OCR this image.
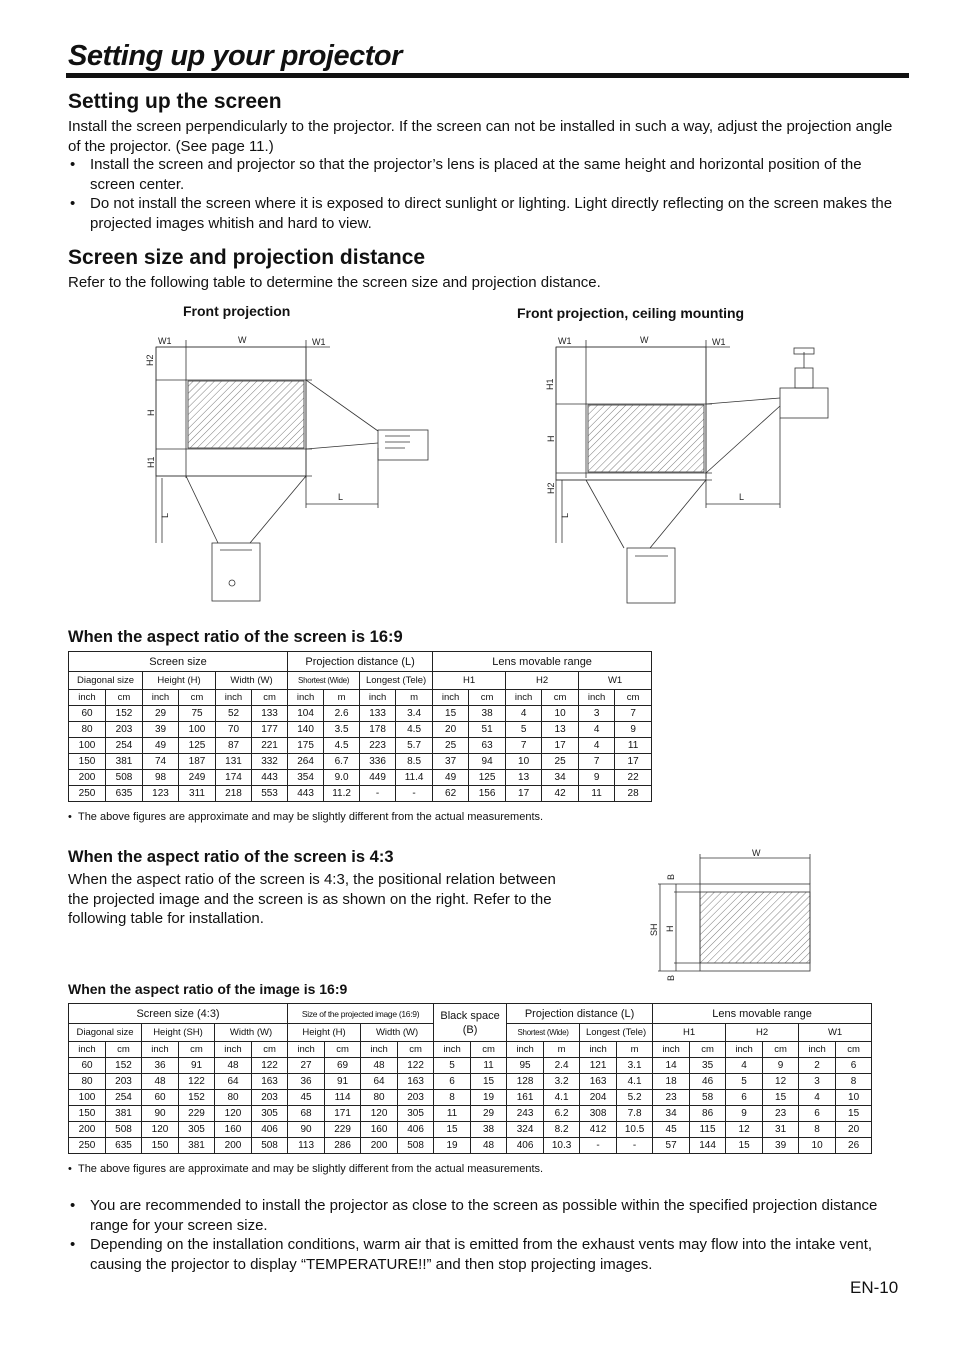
Setting up your projector
Setting up the screen

Install the screen perpendicularly to the projector. If the screen can not be installed in such a way, adjust the projection angle of the projector. (See page 11.)

• Install the screen and projector so that the projector’s lens is placed at the same height and horizontal position of the screen center.
• Do not install the screen where it is exposed to direct sunlight or lighting. Light directly reflecting on the screen makes the projected images whitish and hard to view.
Screen size and projection distance

Refer to the following table to determine the screen size and projection distance.

Front projection	Front projection, ceiling mounting
W1	W	W1
H2
H
H1
L
L
W1	W	W1
H1
H
H2
L
L
When the aspect ratio of the screen is 16:9
Screen size						Projection distance (L)				Lens movable range					
Diagonal size		Height (H)		Width (W)		Shortest (Wide)		Longest (Tele)		H1		H2		W1	
inch	cm	inch	cm	inch	cm	inch	m	inch	m	inch	cm	inch	cm	inch	cm
60	152	29	75	52	133	104	2.6	133	3.4	15	38	4	10	3	7
80	203	39	100	70	177	140	3.5	178	4.5	20	51	5	13	4	9
100	254	49	125	87	221	175	4.5	223	5.7	25	63	7	17	4	11
150	381	74	187	131	332	264	6.7	336	8.5	37	94	10	25	7	17
200	508	98	249	174	443	354	9.0	449	11.4	49	125	13	34	9	22
250	635	123	311	218	553	443	11.2	-	-	62	156	17	42	11	28
•  The above figures are approximate and may be slightly different from the actual measurements.
When the aspect ratio of the screen is 4:3

When the aspect ratio of the screen is 4:3, the positional relation between the projected image and the screen is as shown on the right. Refer to the following table for installation.

W
B
H
SH
B
When the aspect ratio of the image is 16:9
Screen size (4:3)						Size of the projected image (16:9)				Black space (B)		Projection distance (L)				Lens movable range					
Diagonal size		Height (SH)		Width (W)		Height (H)		Width (W)				Shortest (Wide)		Longest (Tele)		H1		H2		W1	
inch	cm	inch	cm	inch	cm	inch	cm	inch	cm	inch	cm	inch	m	inch	m	inch	cm	inch	cm	inch	cm
60	152	36	91	48	122	27	69	48	122	5	11	95	2.4	121	3.1	14	35	4	9	2	6
80	203	48	122	64	163	36	91	64	163	6	15	128	3.2	163	4.1	18	46	5	12	3	8
100	254	60	152	80	203	45	114	80	203	8	19	161	4.1	204	5.2	23	58	6	15	4	10
150	381	90	229	120	305	68	171	120	305	11	29	243	6.2	308	7.8	34	86	9	23	6	15
200	508	120	305	160	406	90	229	160	406	15	38	324	8.2	412	10.5	45	115	12	31	8	20
250	635	150	381	200	508	113	286	200	508	19	48	406	10.3	-	-	57	144	15	39	10	26
•  The above figures are approximate and may be slightly different from the actual measurements.
• You are recommended to install the projector as close to the screen as possible within the specified projection distance range for your screen size.
• Depending on the installation conditions, warm air that is emitted from the exhaust vents may flow into the intake vent, causing the projector to display “TEMPERATURE!!” and then stop projecting images.
EN-10
